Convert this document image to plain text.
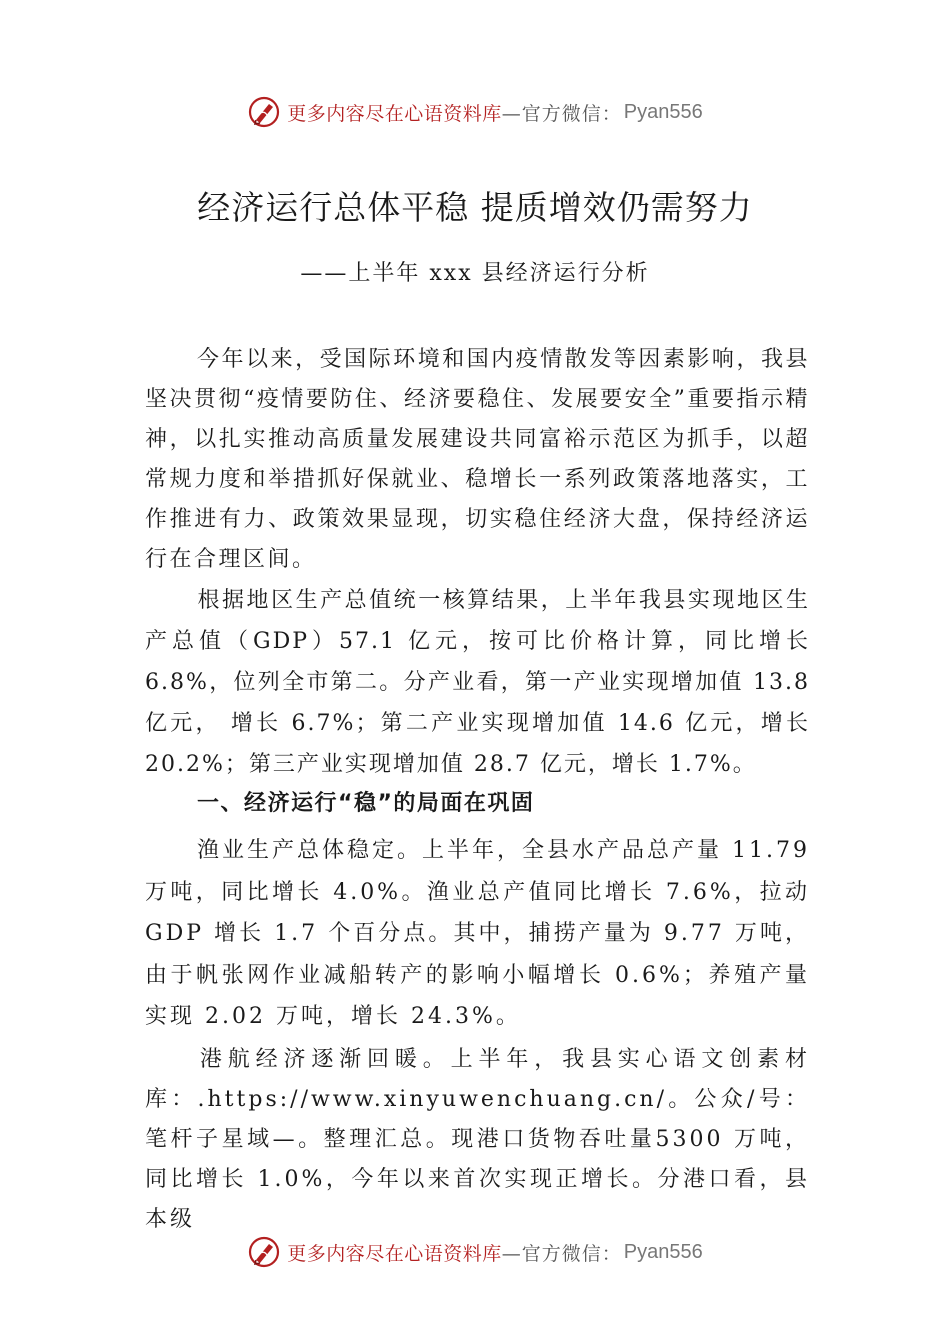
更多内容尽在心语资料库 —官方微信： Pyan556
经济运行总体平稳 提质增效仍需努力
——上半年 xxx 县经济运行分析

今年以来，受国际环境和国内疫情散发等因素影响，我县坚决贯彻“疫情要防住、经济要稳住、发展要安全”重要指示精神，以扎实推动高质量发展建设共同富裕示范区为抓手，以超常规力度和举措抓好保就业、稳增长一系列政策落地落实，工作推进有力、政策效果显现，切实稳住经济大盘，保持经济运行在合理区间。

根据地区生产总值统一核算结果，上半年我县实现地区生产总值（GDP）57.1 亿元，按可比价格计算，同比增长 6.8%，位列全市第二。分产业看，第一产业实现增加值 13.8 亿元， 增长 6.7%；第二产业实现增加值 14.6 亿元，增长 20.2%；第三产业实现增加值 28.7 亿元，增长 1.7%。

一、经济运行“稳”的局面在巩固

渔业生产总体稳定。上半年，全县水产品总产量 11.79 万吨，同比增长 4.0%。渔业总产值同比增长 7.6%，拉动 GDP 增长 1.7 个百分点。其中，捕捞产量为 9.77 万吨，由于帆张网作业减船转产的影响小幅增长 0.6%；养殖产量实现 2.02 万吨，增长 24.3%。

港航经济逐渐回暖。上半年，我县实心语文创素材库：.https://www.xinyuwenchuang.cn/。公众/号：笔杆子星域—。整理汇总。现港口货物吞吐量5300 万吨，同比增长 1.0%，今年以来首次实现正增长。分港口看，县本级

更多内容尽在心语资料库 —官方微信： Pyan556
